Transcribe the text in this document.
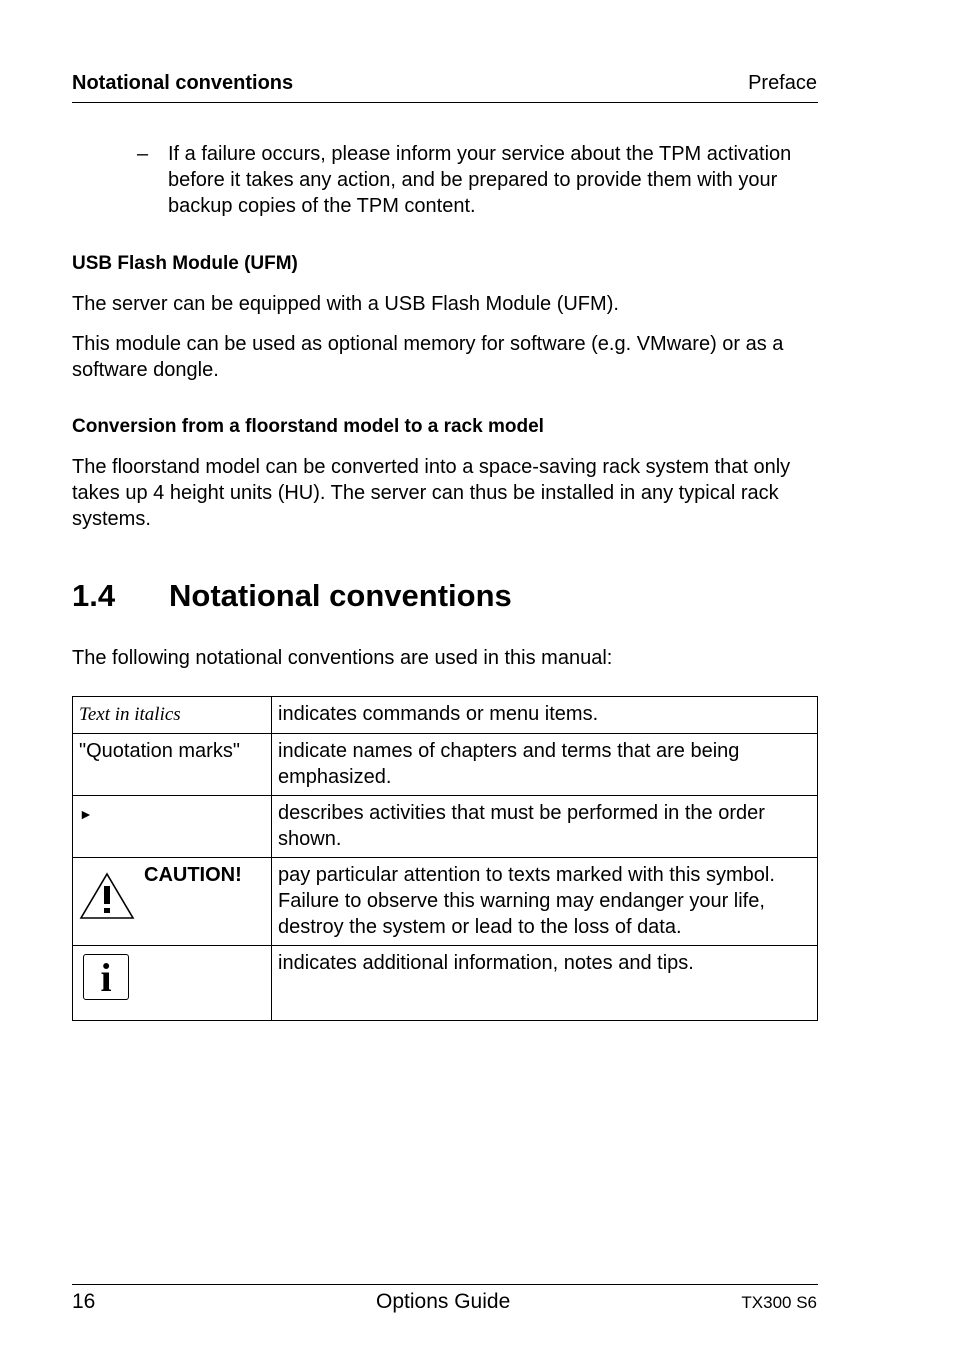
Notational conventions	Preface
– If a failure occurs, please inform your service about the TPM activation before it takes any action, and be prepared to provide them with your backup copies of the TPM content.
USB Flash Module (UFM)
The server can be equipped with a USB Flash Module (UFM).
This module can be used as optional memory for software (e.g. VMware) or as a software dongle.
Conversion from a floorstand model to a rack model
The floorstand model can be converted into a space-saving rack system that only takes up 4 height units (HU). The server can thus be installed in any typical rack systems.
1.4 Notational conventions
The following notational conventions are used in this manual:
Text in italics	indicates commands or menu items.
"Quotation marks"	indicate names of chapters and terms that are being emphasized.
►	describes activities that must be performed in the order shown.

CAUTION!	pay particular attention to texts marked with this symbol. Failure to observe this warning may endanger your life, destroy the system or lead to the loss of data.

i	indicates additional information, notes and tips.
16	Options Guide	TX300 S6
